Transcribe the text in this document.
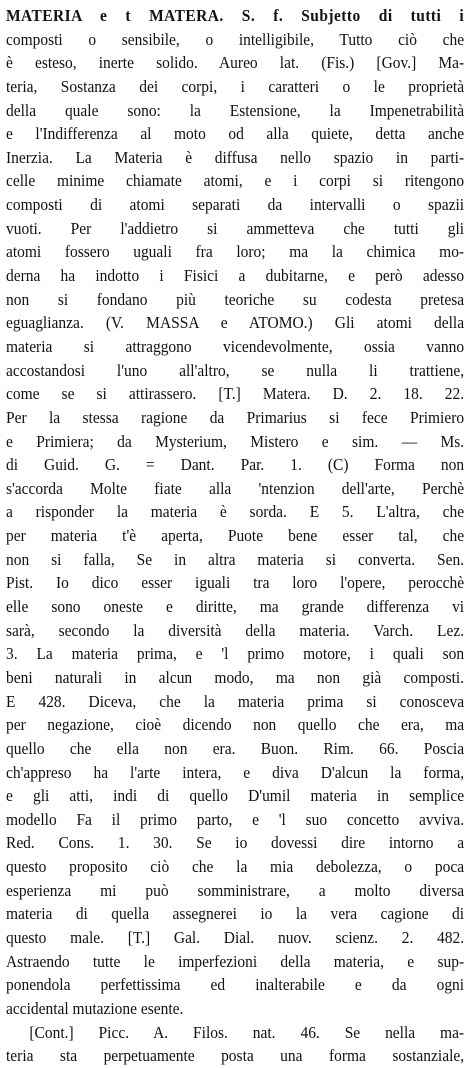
MATERIA e t MATERA. S. f. Subjetto di tutti i
composti o sensibile, o intelligibile, Tutto ciò che
è esteso, inerte solido. Aureo lat. (Fis.) [Gov.] Ma-
teria, Sostanza dei corpi, i caratteri o le proprietà
della quale sono: la Estensione, la Impenetrabilità
e l'Indifferenza al moto od alla quiete, detta anche
Inerzia. La Materia è diffusa nello spazio in parti-
celle minime chiamate atomi, e i corpi si ritengono
composti di atomi separati da intervalli o spazii
vuoti. Per l'addietro si ammetteva che tutti gli
atomi fossero uguali fra loro; ma la chimica mo-
derna ha indotto i Fisici a dubitarne, e però adesso
non si fondano più teoriche su codesta pretesa
eguaglianza. (V. MASSA e ATOMO.) Gli atomi della
materia si attraggono vicendevolmente, ossia vanno
accostandosi l'uno all'altro, se nulla li trattiene,
come se si attirassero. [T.] Matera. D. 2. 18. 22.
Per la stessa ragione da Primarius si fece Primiero
e Primiera; da Mysterium, Mistero e sim. — Ms.
di Guid. G. = Dant. Par. 1. (C) Forma non
s'accorda Molte fiate alla 'ntenzion dell'arte, Perchè
a risponder la materia è sorda. E 5. L'altra, che
per materia t'è aperta, Puote bene esser tal, che
non si falla, Se in altra materia si converta. Sen.
Pist. Io dico esser iguali tra loro l'opere, perocchè
elle sono oneste e diritte, ma grande differenza vi
sarà, secondo la diversità della materia. Varch. Lez.
3. La materia prima, e 'l primo motore, i quali son
beni naturali in alcun modo, ma non già composti.
E 428. Diceva, che la materia prima si conosceva
per negazione, cioè dicendo non quello che era, ma
quello che ella non era. Buon. Rim. 66. Poscia
ch'appreso ha l'arte intera, e diva D'alcun la forma,
e gli atti, indi di quello D'umil materia in semplice
modello Fa il primo parto, e 'l suo concetto avviva.
Red. Cons. 1. 30. Se io dovessi dire intorno a
questo proposito ciò che la mia debolezza, o poca
esperienza mi può somministrare, a molto diversa
materia di quella assegnerei io la vera cagione di
questo male. [T.] Gal. Dial. nuov. scienz. 2. 482.
Astraendo tutte le imperfezioni della materia, e sup-
ponendola perfettissima ed inalterabile e da ogni
accidental mutazione esente.
[Cont.] Picc. A. Filos. nat. 46. Se nella ma-
teria sta perpetuamente posta una forma sostanziale,
